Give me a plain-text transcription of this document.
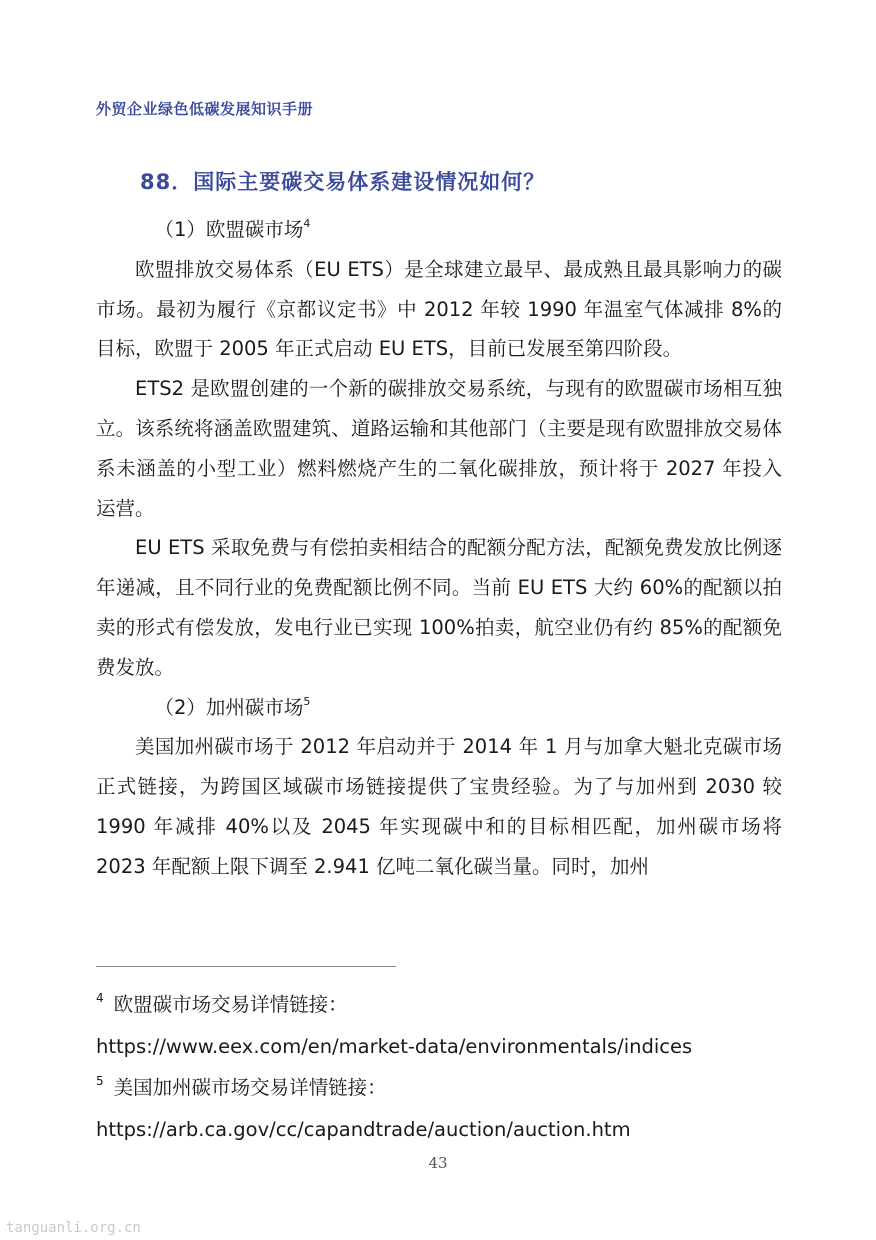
外贸企业绿色低碳发展知识手册
88．国际主要碳交易体系建设情况如何？

（1）欧盟碳市场$^4$

欧盟排放交易体系（EU ETS）是全球建立最早、最成熟且最具影响力的碳市场。最初为履行《京都议定书》中 2012 年较 1990 年温室气体减排 8%的目标，欧盟于 2005 年正式启动 EU ETS，目前已发展至第四阶段。

ETS2 是欧盟创建的一个新的碳排放交易系统，与现有的欧盟碳市场相互独立。该系统将涵盖欧盟建筑、道路运输和其他部门（主要是现有欧盟排放交易体系未涵盖的小型工业）燃料燃烧产生的二氧化碳排放，预计将于 2027 年投入运营。

EU ETS 采取免费与有偿拍卖相结合的配额分配方法，配额免费发放比例逐年递减，且不同行业的免费配额比例不同。当前 EU ETS 大约 60%的配额以拍卖的形式有偿发放，发电行业已实现 100%拍卖，航空业仍有约 85%的配额免费发放。

（2）加州碳市场$^5$

美国加州碳市场于 2012 年启动并于 2014 年 1 月与加拿大魁北克碳市场正式链接，为跨国区域碳市场链接提供了宝贵经验。为了与加州到 2030 较 1990 年减排 40%以及 2045 年实现碳中和的目标相匹配，加州碳市场将 2023 年配额上限下调至 2.941 亿吨二氧化碳当量。同时，加州

$^4$ 欧盟碳市场交易详情链接：
https://www.eex.com/en/market-data/environmentals/indices
$^5$ 美国加州碳市场交易详情链接：
https://arb.ca.gov/cc/capandtrade/auction/auction.htm
43
tanguanli.org.cn
